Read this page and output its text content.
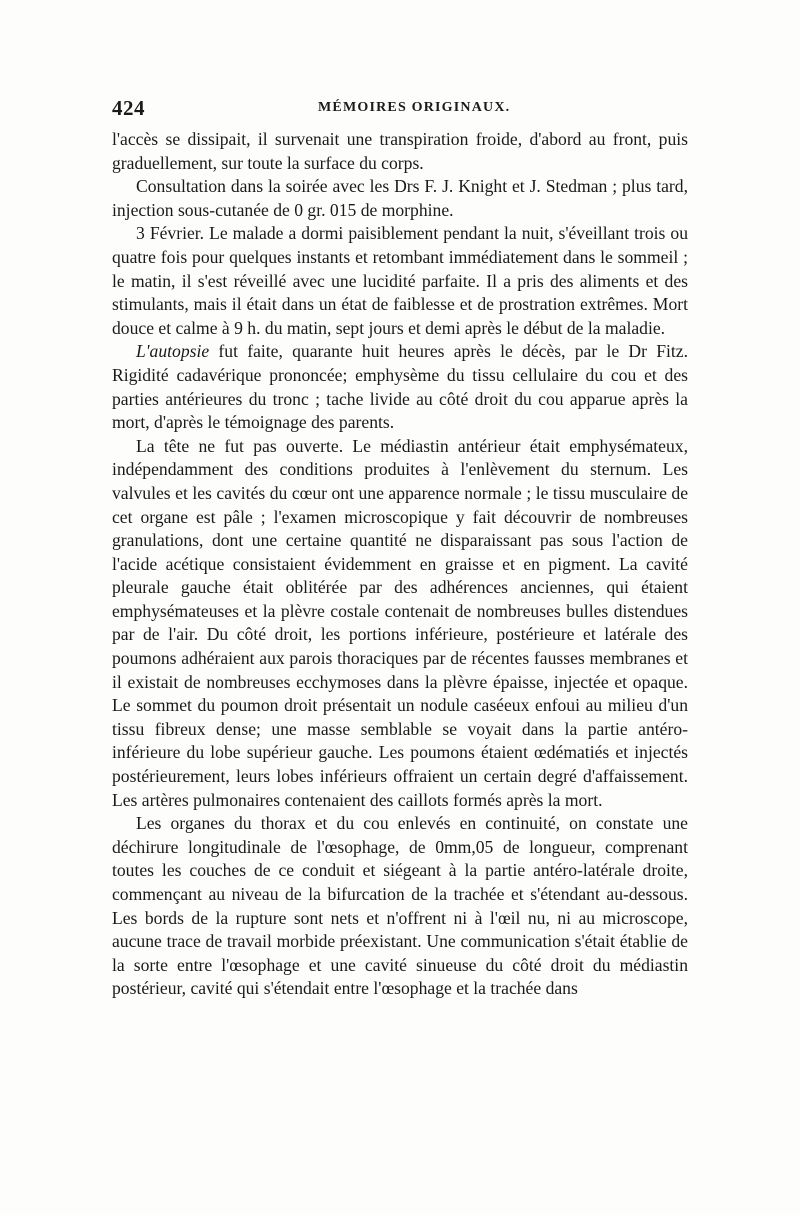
424	MÉMOIRES ORIGINAUX.

l'accès se dissipait, il survenait une transpiration froide, d'abord au front, puis graduellement, sur toute la surface du corps.

Consultation dans la soirée avec les Drs F. J. Knight et J. Stedman ; plus tard, injection sous-cutanée de 0 gr. 015 de morphine.

3 Février. Le malade a dormi paisiblement pendant la nuit, s'éveillant trois ou quatre fois pour quelques instants et retombant immédiatement dans le sommeil ; le matin, il s'est réveillé avec une lucidité parfaite. Il a pris des aliments et des stimulants, mais il était dans un état de faiblesse et de prostration extrêmes. Mort douce et calme à 9 h. du matin, sept jours et demi après le début de la maladie.

L'autopsie fut faite, quarante huit heures après le décès, par le Dr Fitz. Rigidité cadavérique prononcée; emphysème du tissu cellulaire du cou et des parties antérieures du tronc ; tache livide au côté droit du cou apparue après la mort, d'après le témoignage des parents.

La tête ne fut pas ouverte. Le médiastin antérieur était emphysémateux, indépendamment des conditions produites à l'enlèvement du sternum. Les valvules et les cavités du cœur ont une apparence normale ; le tissu musculaire de cet organe est pâle ; l'examen microscopique y fait découvrir de nombreuses granulations, dont une certaine quantité ne disparaissant pas sous l'action de l'acide acétique consistaient évidemment en graisse et en pigment. La cavité pleurale gauche était oblitérée par des adhérences anciennes, qui étaient emphysémateuses et la plèvre costale contenait de nombreuses bulles distendues par de l'air. Du côté droit, les portions inférieure, postérieure et latérale des poumons adhéraient aux parois thoraciques par de récentes fausses membranes et il existait de nombreuses ecchymoses dans la plèvre épaisse, injectée et opaque. Le sommet du poumon droit présentait un nodule caséeux enfoui au milieu d'un tissu fibreux dense; une masse semblable se voyait dans la partie antéro-inférieure du lobe supérieur gauche. Les poumons étaient œdématiés et injectés postérieurement, leurs lobes inférieurs offraient un certain degré d'affaissement. Les artères pulmonaires contenaient des caillots formés après la mort.

Les organes du thorax et du cou enlevés en continuité, on constate une déchirure longitudinale de l'œsophage, de 0mm,05 de longueur, comprenant toutes les couches de ce conduit et siégeant à la partie antéro-latérale droite, commençant au niveau de la bifurcation de la trachée et s'étendant au-dessous. Les bords de la rupture sont nets et n'offrent ni à l'œil nu, ni au microscope, aucune trace de travail morbide préexistant. Une communication s'était établie de la sorte entre l'œsophage et une cavité sinueuse du côté droit du médiastin postérieur, cavité qui s'étendait entre l'œsophage et la trachée dans
